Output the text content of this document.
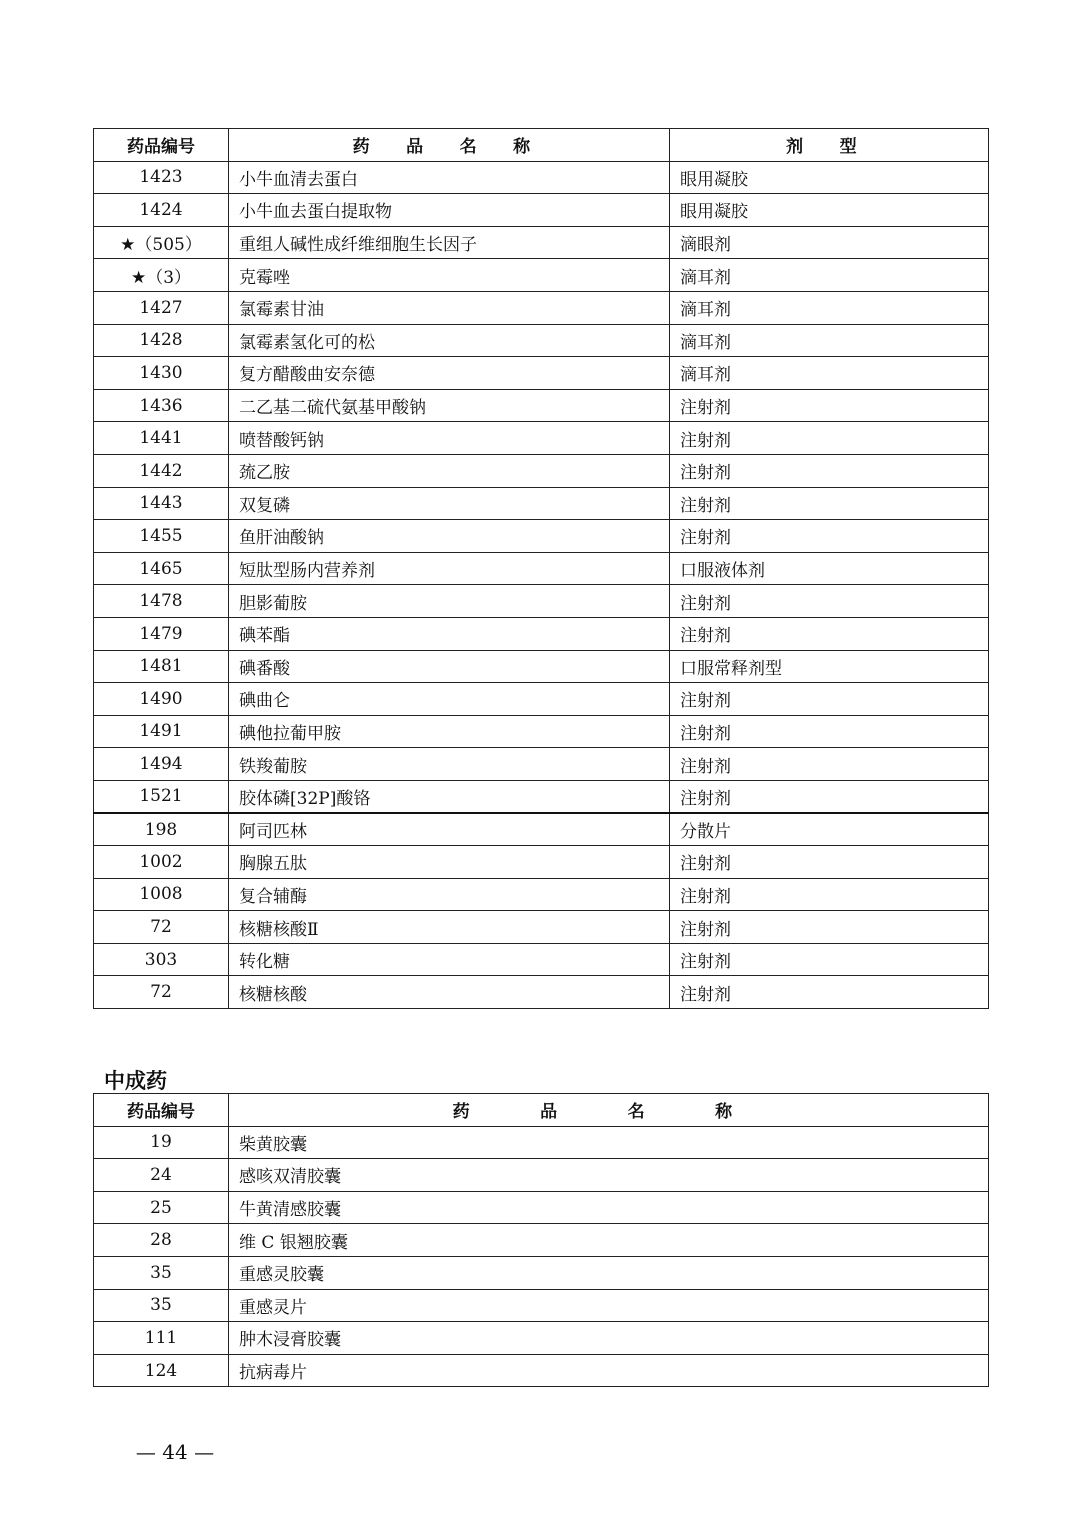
药品编号	药 品 名 称	剂 型
1423	小牛血清去蛋白	眼用凝胶
1424	小牛血去蛋白提取物	眼用凝胶
★（505）	重组人碱性成纤维细胞生长因子	滴眼剂
★（3）	克霉唑	滴耳剂
1427	氯霉素甘油	滴耳剂
1428	氯霉素氢化可的松	滴耳剂
1430	复方醋酸曲安奈德	滴耳剂
1436	二乙基二硫代氨基甲酸钠	注射剂
1441	喷替酸钙钠	注射剂
1442	巯乙胺	注射剂
1443	双复磷	注射剂
1455	鱼肝油酸钠	注射剂
1465	短肽型肠内营养剂	口服液体剂
1478	胆影葡胺	注射剂
1479	碘苯酯	注射剂
1481	碘番酸	口服常释剂型
1490	碘曲仑	注射剂
1491	碘他拉葡甲胺	注射剂
1494	铁羧葡胺	注射剂
1521	胶体磷[32P]酸铬	注射剂
198	阿司匹林	分散片
1002	胸腺五肽	注射剂
1008	复合辅酶	注射剂
72	核糖核酸Ⅱ	注射剂
303	转化糖	注射剂
72	核糖核酸	注射剂
中成药
药品编号	药 品 名 称
19	柴黄胶囊
24	感咳双清胶囊
25	牛黄清感胶囊
28	维 C 银翘胶囊
35	重感灵胶囊
35	重感灵片
111	肿木浸膏胶囊
124	抗病毒片
— 44 —
